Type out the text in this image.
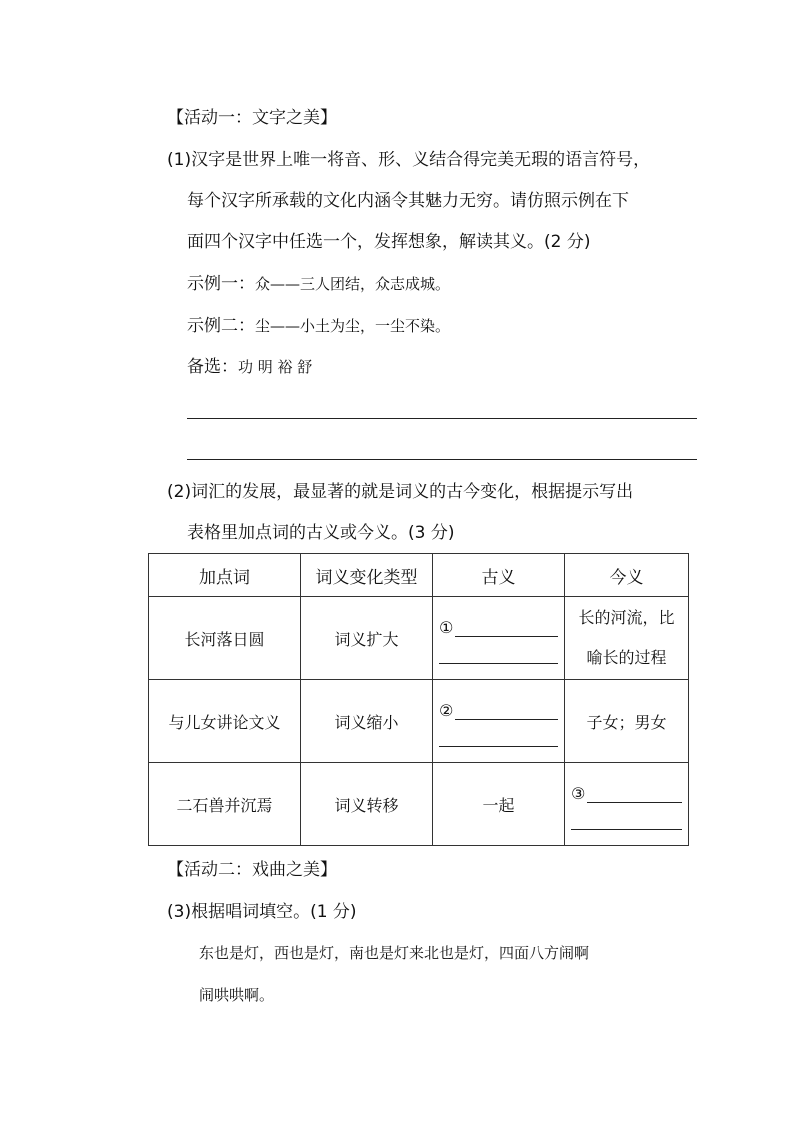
【活动一：文字之美】
(1)汉字是世界上唯一将音、形、义结合得完美无瑕的语言符号，
每个汉字所承载的文化内涵令其魅力无穷。请仿照示例在下
面四个汉字中任选一个，发挥想象，解读其义。(2 分)
示例一：众——三人团结，众志成城。
示例二：尘——小土为尘，一尘不染。
备选：功 明 裕 舒
(2)词汇的发展，最显著的就是词义的古今变化，根据提示写出
表格里加点词的古义或今义。(3 分)
加点词	词义变化类型	古义	今义
长河落日圆	词义扩大	①	长的河流，比
喻长的过程

与儿女讲论文义	词义缩小	②	子女；男女
二石兽并沉焉	词义转移	一起	③
【活动二：戏曲之美】
(3)根据唱词填空。(1 分)
东也是灯，西也是灯，南也是灯来北也是灯，四面八方闹啊
闹哄哄啊。
